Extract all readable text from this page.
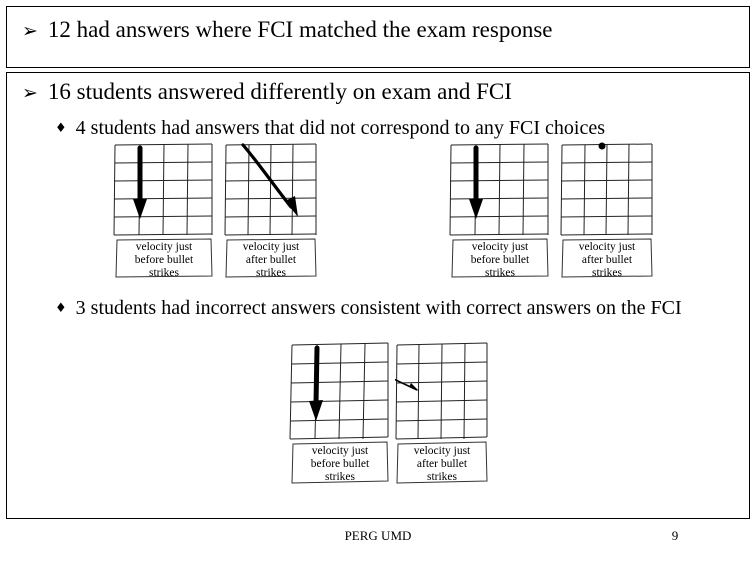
➢ 12 had answers where FCI matched the exam response
➢ 16 students answered differently on exam and FCI
♦ 4 students had answers that did not correspond to any FCI choices
♦ 3 students had incorrect answers consistent with correct answers on the FCI
velocity just
before bullet
strikes
velocity just
after bullet
strikes
velocity just
before bullet
strikes
velocity just
after bullet
strikes
velocity just
before bullet
strikes
velocity just
after bullet
strikes
PERG UMD	9
